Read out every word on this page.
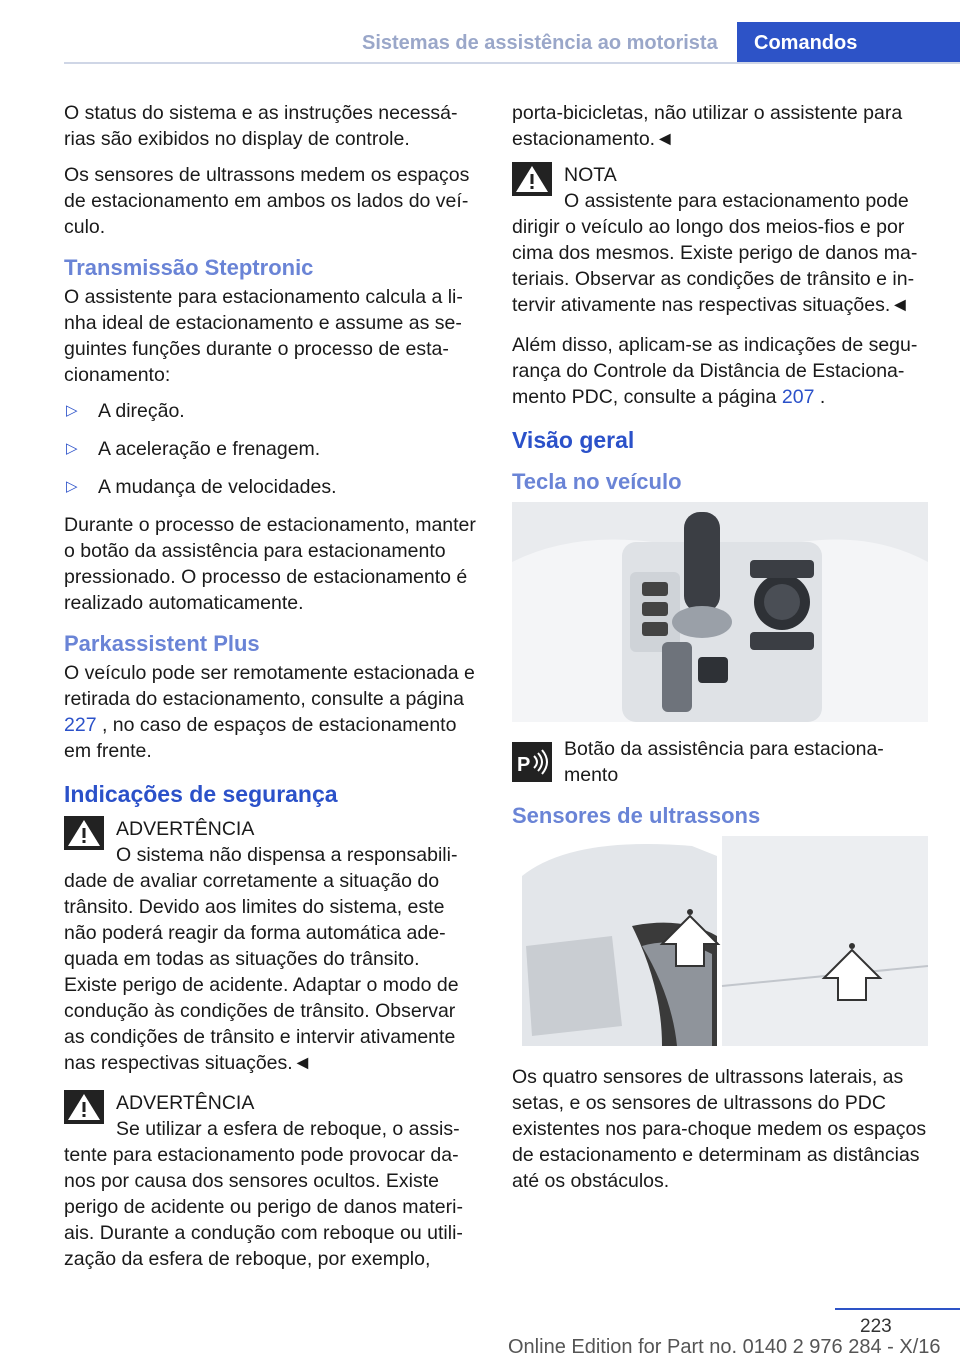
Sistemas de assistência ao motorista	Comandos

O status do sistema e as instruções necessárias são exibidos no display de controle.

Os sensores de ultrassons medem os espaços de estacionamento em ambos os lados do veículo.

Transmissão Steptronic

O assistente para estacionamento calcula a linha ideal de estacionamento e assume as seguintes funções durante o processo de estacionamento:

▷ A direção.
▷ A aceleração e frenagem.
▷ A mudança de velocidades.

Durante o processo de estacionamento, manter o botão da assistência para estacionamento pressionado. O processo de estacionamento é realizado automaticamente.

Parkassistent Plus

O veículo pode ser remotamente estacionada e retirada do estacionamento, consulte a página 227 , no caso de espaços de estacionamento em frente.

Indicações de segurança
ADVERTÊNCIA
O sistema não dispensa a responsabilidade de avaliar corretamente a situação do trânsito. Devido aos limites do sistema, este não poderá reagir da forma automática adequada em todas as situações do trânsito. Existe perigo de acidente. Adaptar o modo de condução às condições de trânsito. Observar as condições de trânsito e intervir ativamente nas respectivas situações.◄
ADVERTÊNCIA
Se utilizar a esfera de reboque, o assistente para estacionamento pode provocar danos por causa dos sensores ocultos. Existe perigo de acidente ou perigo de danos materiais. Durante a condução com reboque ou utilização da esfera de reboque, por exemplo,

porta-bicicletas, não utilizar o assistente para estacionamento.◄

NOTA
O assistente para estacionamento pode dirigir o veículo ao longo dos meios-fios e por cima dos mesmos. Existe perigo de danos materiais. Observar as condições de trânsito e intervir ativamente nas respectivas situações.◄

Além disso, aplicam-se as indicações de segurança do Controle da Distância de Estacionamento PDC, consulte a página 207 .

Visão geral
Tecla no veículo
P
Botão da assistência para estacionamento
Sensores de ultrassons

Os quatro sensores de ultrassons laterais, as setas, e os sensores de ultrassons do PDC existentes nos para-choque medem os espaços de estacionamento e determinam as distâncias até os obstáculos.

223
Online Edition for Part no. 0140 2 976 284 - X/16
